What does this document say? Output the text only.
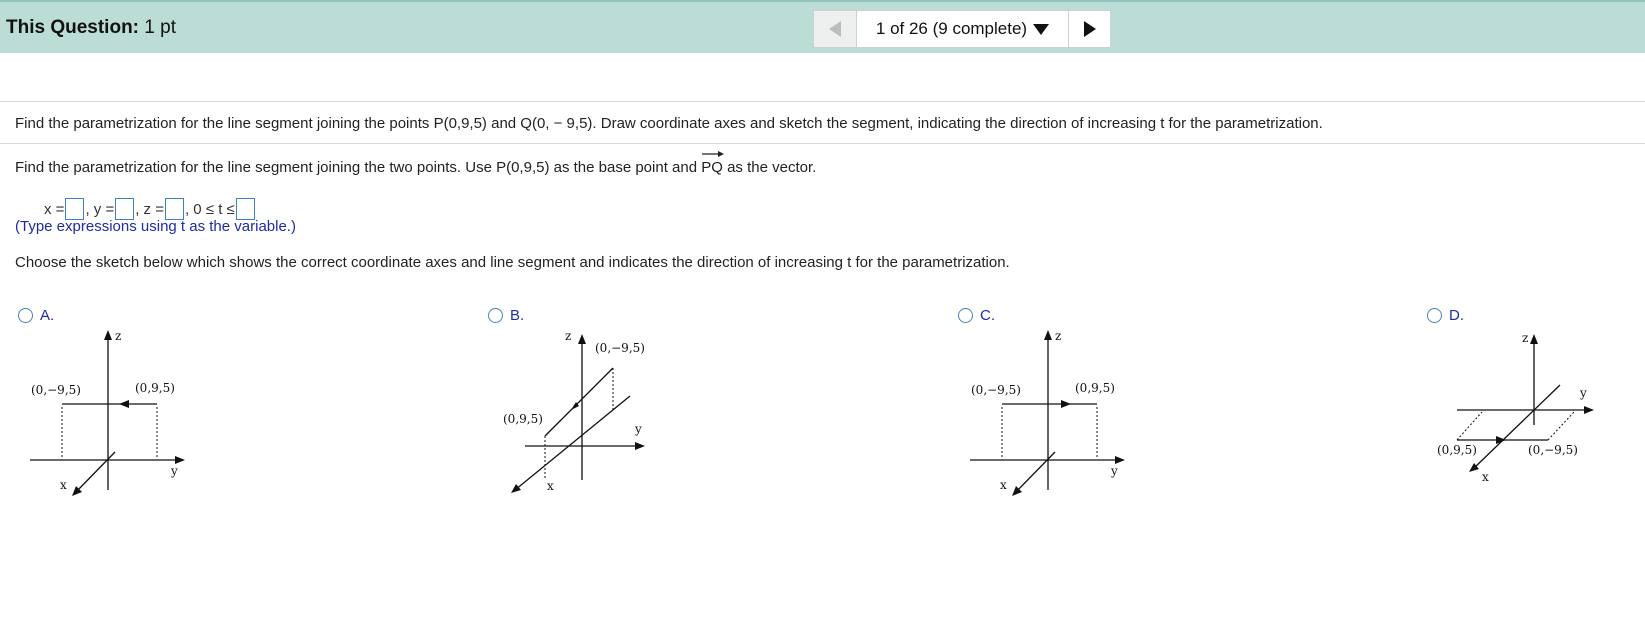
This Question: 1 pt	1 of 26 (9 complete)
Find the parametrization for the line segment joining the points P(0,9,5) and Q(0, − 9,5). Draw coordinate axes and sketch the segment, indicating the direction of increasing t for the parametrization.
Find the parametrization for the line segment joining the two points. Use P(0,9,5) as the base point and
PQ as the vector.
x = , y = , z = , 0 ≤ t ≤
(Type expressions using t as the variable.)
Choose the sketch below which shows the correct coordinate axes and line segment and indicates the direction of increasing t for the parametrization.
A.
z
y
x
(0,−9,5)	(0,9,5)
B.
z
y
x
(0,−9,5)
(0,9,5)
C.
z
y
x
(0,−9,5)	(0,9,5)
D.
z
y
x
(0,9,5)	(0,−9,5)
